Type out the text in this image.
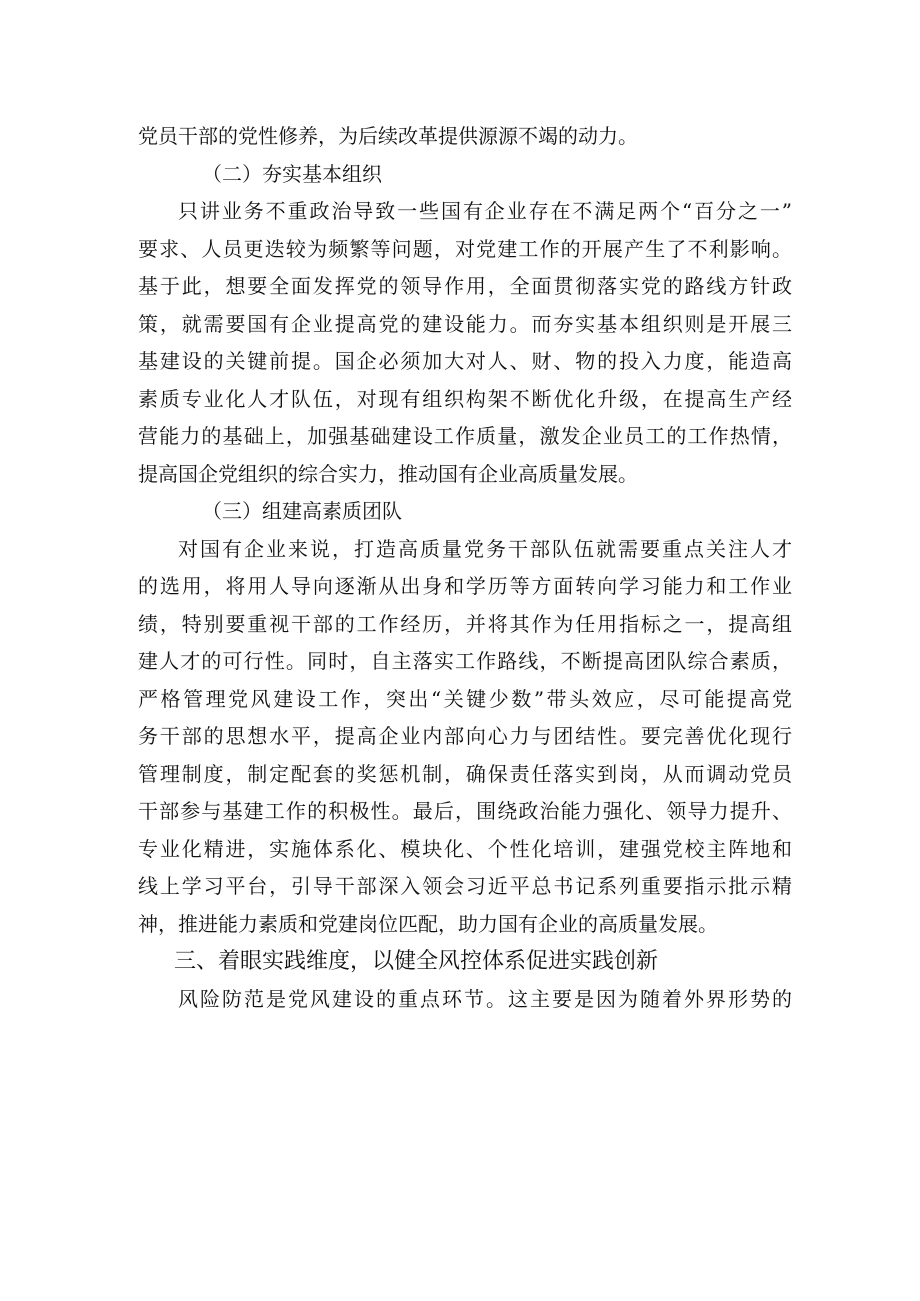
党员干部的党性修养，为后续改革提供源源不竭的动力。
（二）夯实基本组织
只讲业务不重政治导致一些国有企业存在不满足两个“百分之一”
要求、人员更迭较为频繁等问题，对党建工作的开展产生了不利影响。
基于此，想要全面发挥党的领导作用，全面贯彻落实党的路线方针政
策，就需要国有企业提高党的建设能力。而夯实基本组织则是开展三
基建设的关键前提。国企必须加大对人、财、物的投入力度，能造高
素质专业化人才队伍，对现有组织构架不断优化升级，在提高生产经
营能力的基础上，加强基础建设工作质量，激发企业员工的工作热情，
提高国企党组织的综合实力，推动国有企业高质量发展。
（三）组建高素质团队
对国有企业来说，打造高质量党务干部队伍就需要重点关注人才
的选用，将用人导向逐渐从出身和学历等方面转向学习能力和工作业
绩，特别要重视干部的工作经历，并将其作为任用指标之一，提高组
建人才的可行性。同时，自主落实工作路线，不断提高团队综合素质，
严格管理党风建设工作，突出“关键少数”带头效应，尽可能提高党
务干部的思想水平，提高企业内部向心力与团结性。要完善优化现行
管理制度，制定配套的奖惩机制，确保责任落实到岗，从而调动党员
干部参与基建工作的积极性。最后，围绕政治能力强化、领导力提升、
专业化精进，实施体系化、模块化、个性化培训，建强党校主阵地和
线上学习平台，引导干部深入领会习近平总书记系列重要指示批示精
神，推进能力素质和党建岗位匹配，助力国有企业的高质量发展。
三、着眼实践维度，以健全风控体系促进实践创新
风险防范是党风建设的重点环节。这主要是因为随着外界形势的
